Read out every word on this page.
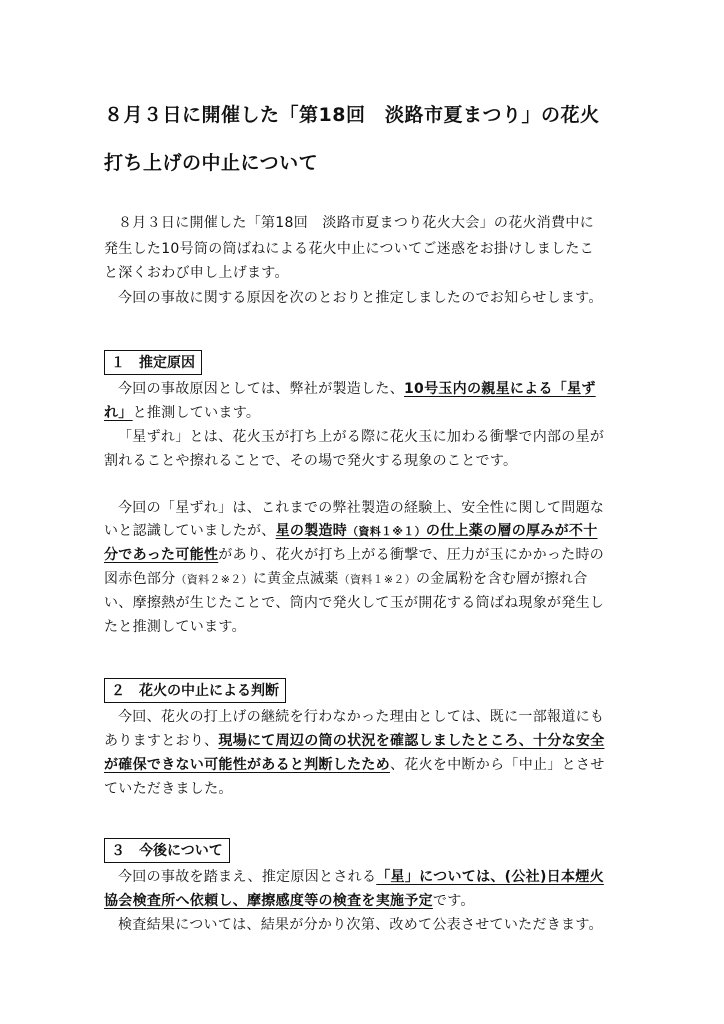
８月３日に開催した「第18回　淡路市夏まつり」の花火
打ち上げの中止について
８月３日に開催した「第18回　淡路市夏まつり花火大会」の花火消費中に
発生した10号筒の筒ばねによる花火中止についてご迷惑をお掛けしましたこ
と深くおわび申し上げます。
今回の事故に関する原因を次のとおりと推定しましたのでお知らせします。
１　推定原因
今回の事故原因としては、弊社が製造した、10号玉内の親星による「星ず
れ」と推測しています。
「星ずれ」とは、花火玉が打ち上がる際に花火玉に加わる衝撃で内部の星が
割れることや擦れることで、その場で発火する現象のことです。
今回の「星ずれ」は、これまでの弊社製造の経験上、安全性に関して問題な
いと認識していましたが、星の製造時（資料１※１）の仕上薬の層の厚みが不十
分であった可能性があり、花火が打ち上がる衝撃で、圧力が玉にかかった時の
図赤色部分（資料２※２）に黄金点滅薬（資料１※２）の金属粉を含む層が擦れ合
い、摩擦熱が生じたことで、筒内で発火して玉が開花する筒ばね現象が発生し
たと推測しています。
２　花火の中止による判断
今回、花火の打上げの継続を行わなかった理由としては、既に一部報道にも
ありますとおり、現場にて周辺の筒の状況を確認しましたところ、十分な安全
が確保できない可能性があると判断したため、花火を中断から「中止」とさせ
ていただきました。
３　今後について
今回の事故を踏まえ、推定原因とされる「星」については、(公社)日本煙火
協会検査所へ依頼し、摩擦感度等の検査を実施予定です。
検査結果については、結果が分かり次第、改めて公表させていただきます。
